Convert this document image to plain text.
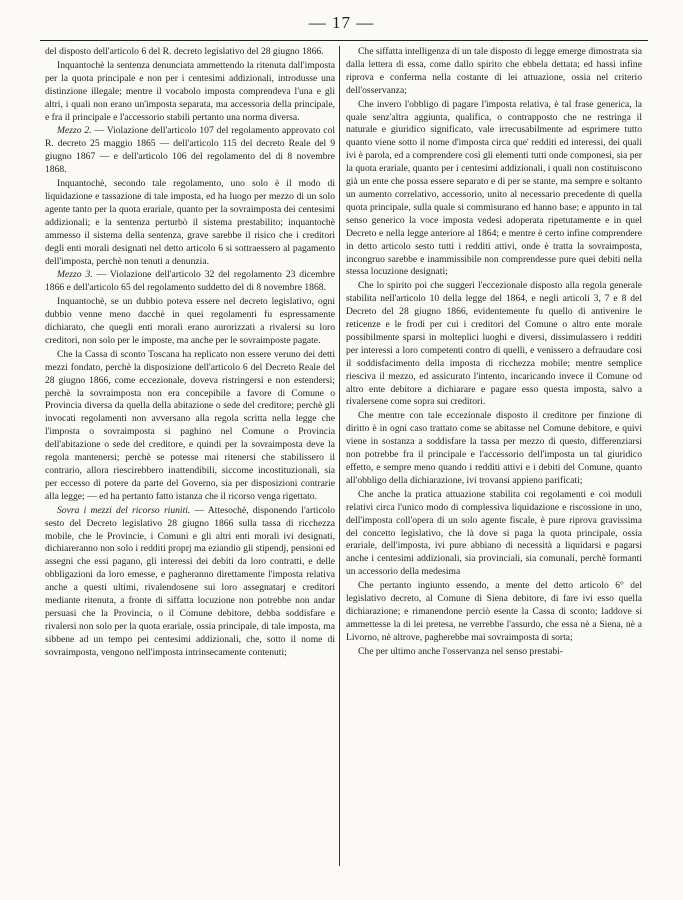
— 17 —

del disposto dell'articolo 6 del R. decreto legislativo del 28 giugno 1866.

Inquantochè la sentenza denunciata ammettendo la ritenuta dall'imposta per la quota principale e non per i centesimi addizionali, introdusse una distinzione illegale; mentre il vocabolo imposta comprendeva l'una e gli altri, i quali non erano un'imposta separata, ma accessoria della principale, e fra il principale e l'accessorio stabili pertanto una norma diversa.

Mezzo 2. — Violazione dell'articolo 107 del regolamento approvato col R. decreto 25 maggio 1865 — dell'articolo 115 del decreto Reale del 9 giugno 1867 — e dell'articolo 106 del regolamento del di 8 novembre 1868.

Inquantochè, secondo tale regolamento, uno solo è il modo di liquidazione e tassazione di tale imposta, ed ha luogo per mezzo di un solo agente tanto per la quota erariale, quanto per la sovraimposta dei centesimi addizionali; e la sentenza perturbò il sistema prestabilito; inquantochè ammesso il sistema della sentenza, grave sarebbe il risico che i creditori degli enti morali designati nel detto articolo 6 si sottraessero al pagamento dell'imposta, perchè non tenuti a denunzia.

Mezzo 3. — Violazione dell'articolo 32 del regolamento 23 dicembre 1866 e dell'articolo 65 del regolamento suddetto del di 8 novembre 1868.

Inquantochè, se un dubbio poteva essere nel decreto legislativo, ogni dubbio venne meno dacchè in quei regolamenti fu espressamente dichiarato, che quegli enti morali erano aurorizzati a rivalersi su loro creditori, non solo per le imposte, ma anche per le sovraimposte pagate.

Che la Cassa di sconto Toscana ha replicato non essere veruno dei detti mezzi fondato, perchè la disposizione dell'articolo 6 del Decreto Reale del 28 giugno 1866, come eccezionale, doveva ristringersi e non estendersi; perchè la sovraimposta non era concepibile a favore di Comune o Provincia diversa da quella della abitazione o sede del creditore; perchè gli invocati regolamenti non avversano alla regola scritta nella legge che l'imposta o sovraimposta si paghino nel Comune o Provincia dell'abitazione o sede del creditore, e quindi per la sovraimposta deve la regola mantenersi; perchè se potesse mai ritenersi che stabilissero il contrario, allora riescirebbero inattendibili, siccome incostituzionali, sia per eccesso di potere da parte del Governo, sia per disposizioni contrarie alla legge; — ed ha pertanto fatto istanza che il ricorso venga rigettato.

Sovra i mezzi del ricorso riuniti. — Attesochè, disponendo l'articolo sesto del Decreto legislativo 28 giugno 1866 sulla tassa di ricchezza mobile, che le Provincie, i Comuni e gli altri enti morali ivi designati, dichiareranno non solo i redditi proprj ma eziandio gli stipendj, pensioni ed assegni che essi pagano, gli interessi dei debiti da loro contratti, e delle obbligazioni da loro emesse, e pagheranno direttamente l'imposta relativa anche a questi ultimi, rivalendosene sui loro assegnatarj e creditori mediante ritenuta, a fronte di siffatta locuzione non potrebbe non andar persuasi che la Provincia, o il Comune debitore, debba soddisfare e rivalersi non solo per la quota erariale, ossia principale, di tale imposta, ma sibbene ad un tempo pei centesimi addizionali, che, sotto il nome di sovraimposta, vengono nell'imposta intrinsecamente contenuti;

Che siffatta intelligenza di un tale disposto di legge emerge dimostrata sia dalla lettera di essa, come dallo spirito che ebbela dettata; ed hassi infine riprova e conferma nella costante di lei attuazione, ossia nel criterio dell'osservanza;

Che invero l'obbligo di pagare l'imposta relativa, è tal frase generica, la quale senz'altra aggiunta, qualifica, o contrapposto che ne restringa il naturale e giuridico significato, vale irrecusabilmente ad esprimere tutto quanto viene sotto il nome d'imposta circa que' redditi ed interessi, dei quali ivi è parola, ed a comprendere così gli elementi tutti onde componesi, sia per la quota erariale, quanto per i centesimi addizionali, i quali non costituiscono già un ente che possa essere separato e di per se stante, ma sempre e soltanto un aumento correlativo, accessorio, unito al necessario precedente di quella quota principale, sulla quale si commisurano ed hanno base; e appunto in tal senso generico la voce imposta vedesi adoperata ripetutamente e in quel Decreto e nella legge anteriore al 1864; e mentre è certo infine comprendere in detto articolo sesto tutti i redditi attivi, onde è tratta la sovraimposta, incongruo sarebbe e inammissibile non comprendesse pure quei debiti nella stessa locuzione designati;

Che lo spirito poi che suggerì l'eccezionale disposto alla regola generale stabilita nell'articolo 10 della legge del 1864, e negli articoli 3, 7 e 8 del Decreto del 28 giugno 1866, evidentemente fu quello di antivenire le reticenze e le frodi per cui i creditori del Comune o altro ente morale possibilmente sparsi in molteplici luoghi e diversi, dissimulassero i redditi per interessi a loro competenti contro di quelli, e venissero a defraudare così il soddisfacimento della imposta di ricchezza mobile; mentre semplice riesciva il mezzo, ed assicurato l'intento, incaricando invece il Comune od altro ente debitore a dichiarare e pagare esso questa imposta, salvo a rivalersene come sopra sui creditori.

Che mentre con tale eccezionale disposto il creditore per finzione di diritto è in ogni caso trattato come se abitasse nel Comune debitore, e quivi viene in sostanza a soddisfare la tassa per mezzo di questo, differenziarsi non potrebbe fra il principale e l'accessorio dell'imposta un tal giuridico effetto, e sempre meno quando i redditi attivi e i debiti del Comune, quanto all'obbligo della dichiarazione, ivi trovansi appieno parificati;

Che anche la pratica attuazione stabilita coi regolamenti e coi moduli relativi circa l'unico modo di complessiva liquidazione e riscossione in uno, dell'imposta coll'opera di un solo agente fiscale, è pure riprova gravissima del concetto legislativo, che là dove si paga la quota principale, ossia erariale, dell'imposta, ivi pure abbiano di necessità a liquidarsi e pagarsi anche i centesimi addizionali, sia provinciali, sia comunali, perchè formanti un accessorio della medesima

Che pertanto ingiunto essendo, a mente del detto articolo 6° del legislativo decreto, al Comune di Siena debitore, di fare ivi esso quella dichiarazione; e rimanendone perciò esente la Cassa di sconto; laddove si ammettesse la di lei pretesa, ne verrebbe l'assurdo, che essa nè a Siena, nè a Livorno, nè altrove, pagherebbe mai sovraimposta di sorta;

Che per ultimo anche l'osservanza nel senso prestabi-
